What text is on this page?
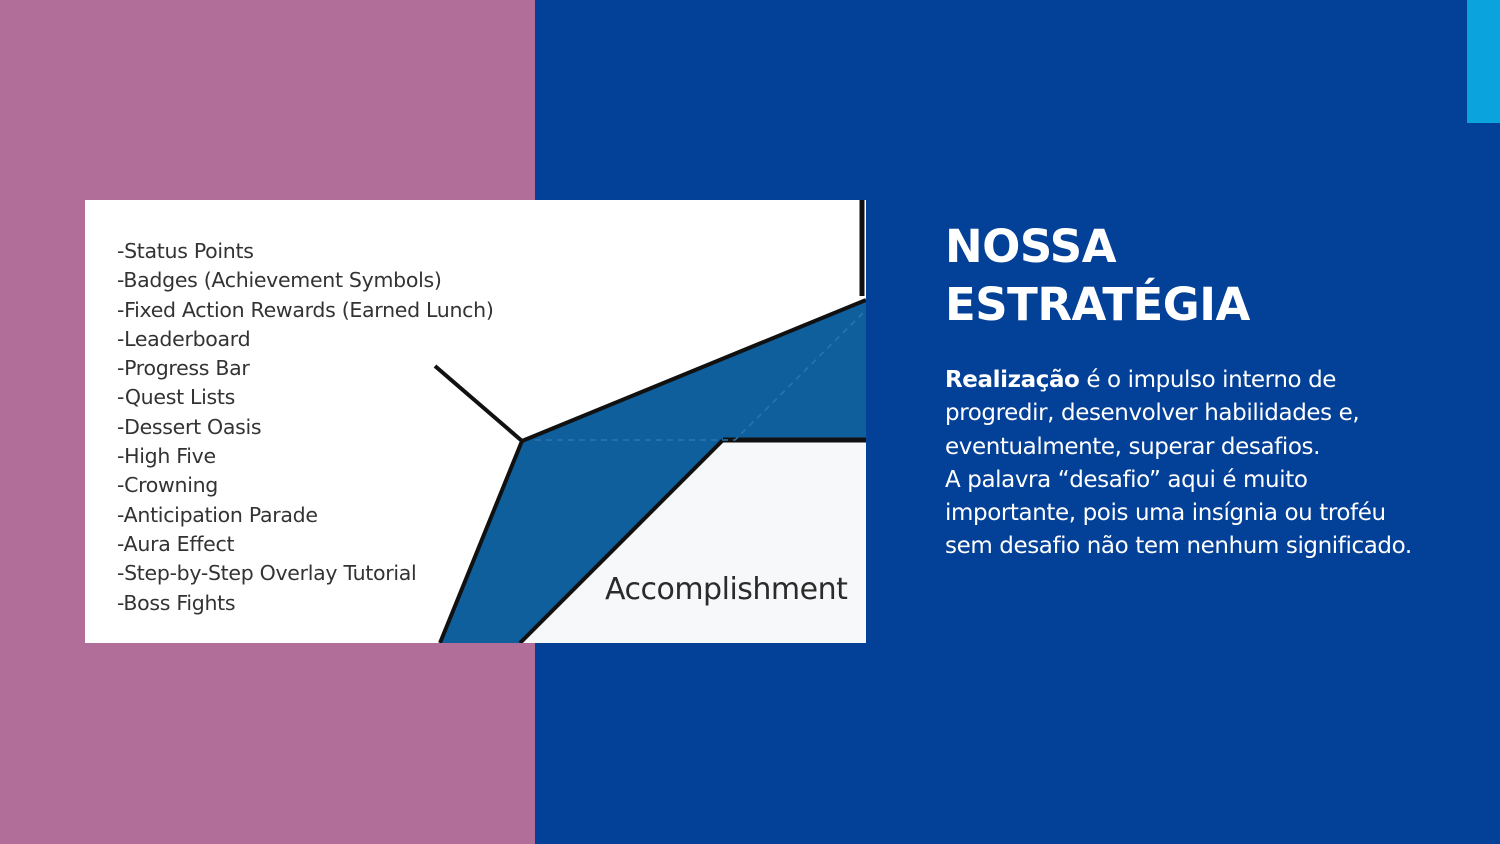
-Status Points
-Badges (Achievement Symbols)
-Fixed Action Rewards (Earned Lunch)
-Leaderboard
-Progress Bar
-Quest Lists
-Dessert Oasis
-High Five
-Crowning
-Anticipation Parade
-Aura Effect
-Step-by-Step Overlay Tutorial
-Boss Fights	Accomplishment
NOSSA
ESTRATÉGIA

Realização é o impulso interno de progredir, desenvolver habilidades e, eventualmente, superar desafios.
A palavra “desafio” aqui é muito importante, pois uma insígnia ou troféu sem desafio não tem nenhum significado.
